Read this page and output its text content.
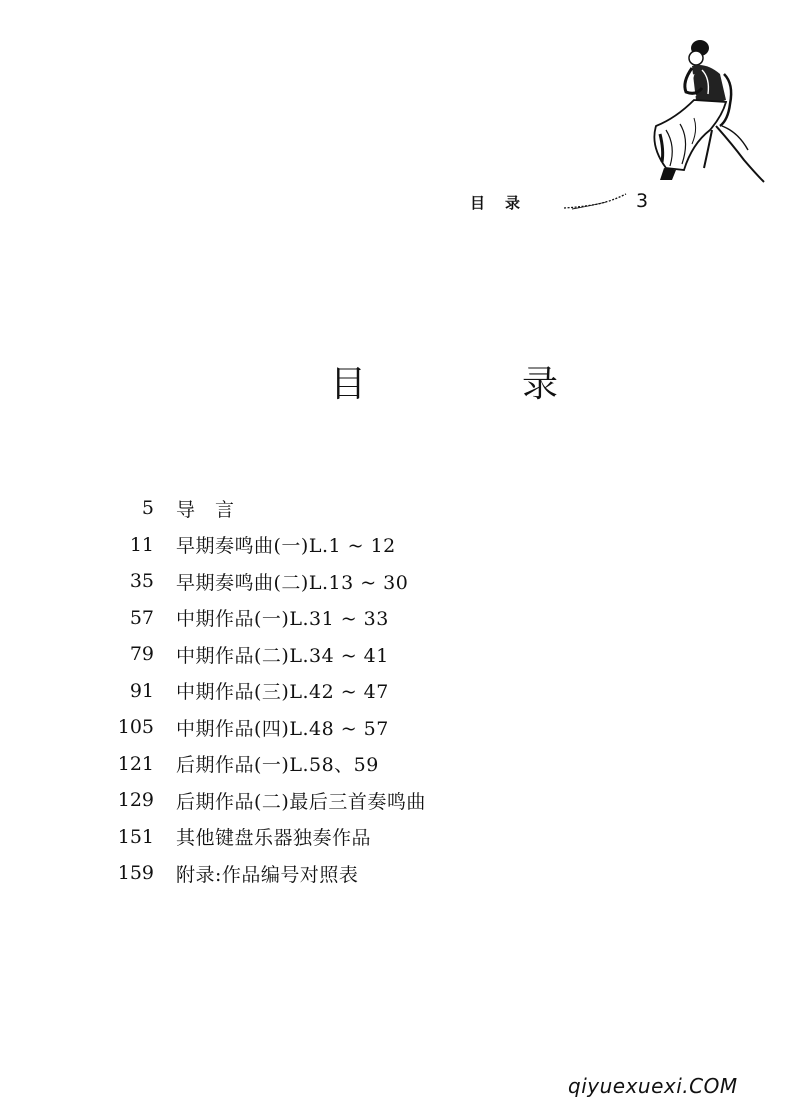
目录	3
目　录
5 导　言
11 早期奏鸣曲(一)L.1 ~ 12
35 早期奏鸣曲(二)L.13 ~ 30
57 中期作品(一)L.31 ~ 33
79 中期作品(二)L.34 ~ 41
91 中期作品(三)L.42 ~ 47
105 中期作品(四)L.48 ~ 57
121 后期作品(一)L.58、59
129 后期作品(二)最后三首奏鸣曲
151 其他键盘乐器独奏作品
159 附录:作品编号对照表
qiyuexuexi.COM
